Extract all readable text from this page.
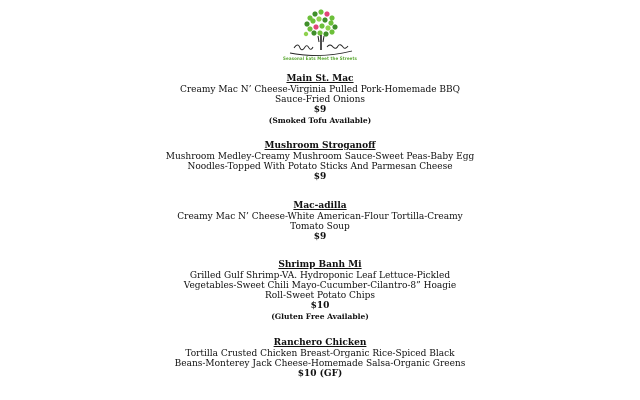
Seasonal Eats Meet the Streets
Main St. Mac
Creamy Mac N’ Cheese-Virginia Pulled Pork-Homemade BBQ
Sauce-Fried Onions
$9
(Smoked Tofu Available)
Mushroom Stroganoff
Mushroom Medley-Creamy Mushroom Sauce-Sweet Peas-Baby Egg
Noodles-Topped With Potato Sticks And Parmesan Cheese
$9
Mac-adilla
Creamy Mac N’ Cheese-White American-Flour Tortilla-Creamy
Tomato Soup
$9
Shrimp Banh Mi
Grilled Gulf Shrimp-VA. Hydroponic Leaf Lettuce-Pickled
Vegetables-Sweet Chili Mayo-Cucumber-Cilantro-8” Hoagie
Roll-Sweet Potato Chips
$10
(Gluten Free Available)
Ranchero Chicken
Tortilla Crusted Chicken Breast-Organic Rice-Spiced Black
Beans-Monterey Jack Cheese-Homemade Salsa-Organic Greens
$10 (GF)
